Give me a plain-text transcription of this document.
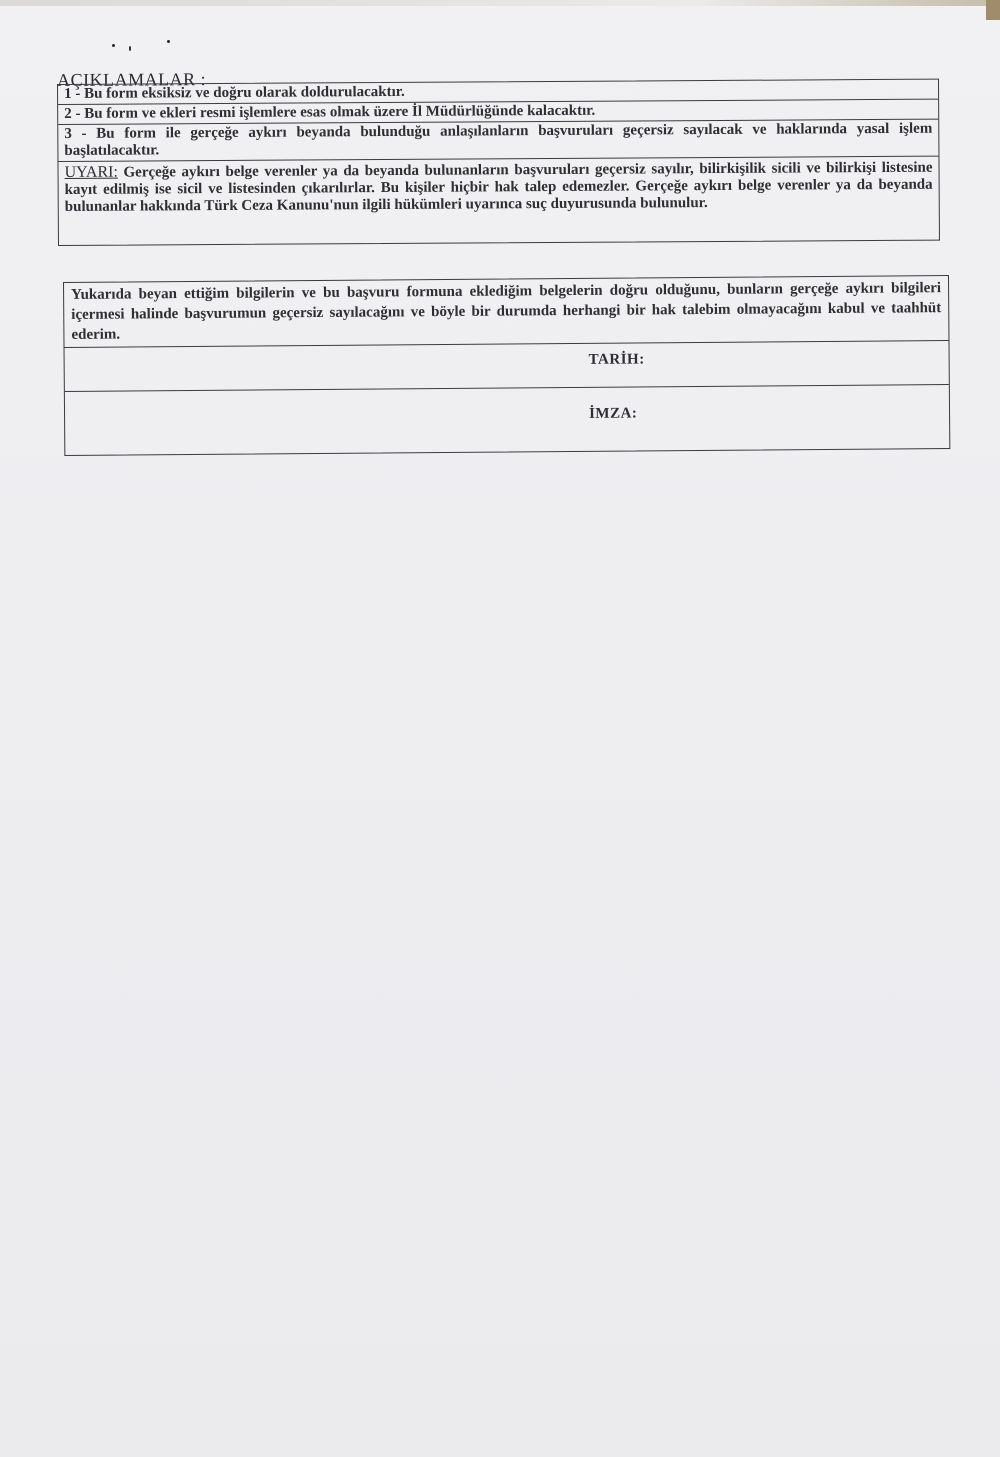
AÇIKLAMALAR :
1 - Bu form eksiksiz ve doğru olarak doldurulacaktır.
2 - Bu form ve ekleri resmi işlemlere esas olmak üzere İl Müdürlüğünde kalacaktır.
3 - Bu form ile gerçeğe aykırı beyanda bulunduğu anlaşılanların başvuruları geçersiz sayılacak ve haklarında yasal işlem başlatılacaktır.
UYARI: Gerçeğe aykırı belge verenler ya da beyanda bulunanların başvuruları geçersiz sayılır, bilirkişilik sicili ve bilirkişi listesine kayıt edilmiş ise sicil ve listesinden çıkarılırlar. Bu kişiler hiçbir hak talep edemezler. Gerçeğe aykırı belge verenler ya da beyanda bulunanlar hakkında Türk Ceza Kanunu'nun ilgili hükümleri uyarınca suç duyurusunda bulunulur.
Yukarıda beyan ettiğim bilgilerin ve bu başvuru formuna eklediğim belgelerin doğru olduğunu, bunların gerçeğe aykırı bilgileri içermesi halinde başvurumun geçersiz sayılacağını ve böyle bir durumda herhangi bir hak talebim olmayacağını kabul ve taahhüt ederim.
TARİH:
İMZA:
